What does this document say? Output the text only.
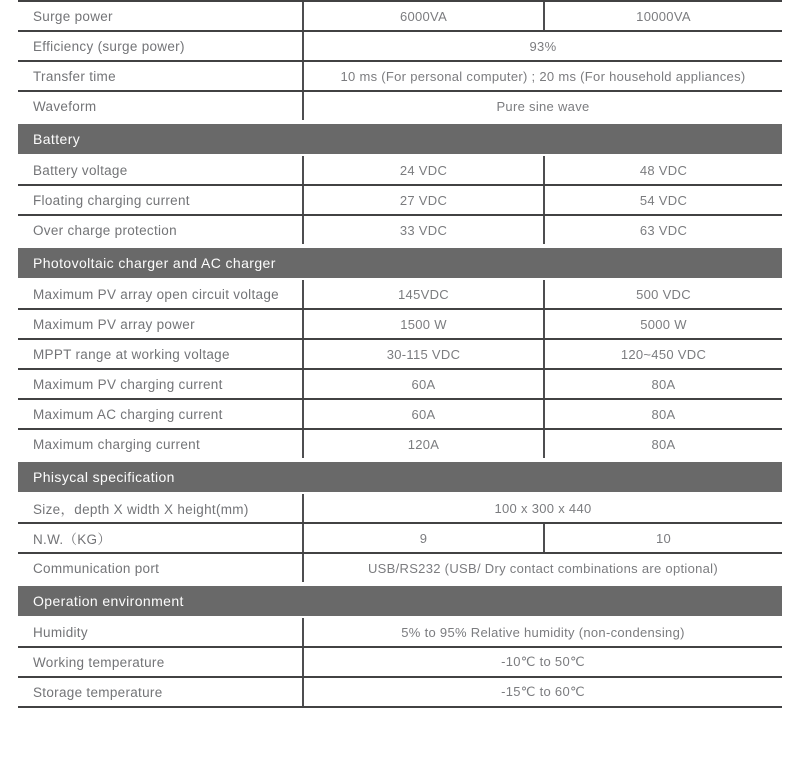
Surge power	6000VA	10000VA
Efficiency (surge power)	93%
Transfer time	10 ms (For personal computer) ; 20 ms (For household appliances)
Waveform	Pure sine wave
Battery
Battery voltage	24 VDC	48 VDC
Floating charging current	27 VDC	54 VDC
Over charge protection	33 VDC	63 VDC
Photovoltaic charger and AC charger
Maximum PV array open circuit voltage	145VDC	500 VDC
Maximum PV array power	1500 W	5000 W
MPPT range at working voltage	30-115 VDC	120~450 VDC
Maximum PV charging current	60A	80A
Maximum AC charging current	60A	80A
Maximum charging current	120A	80A
Phisycal specification
Size，depth X width X height(mm)	100 x 300 x 440
N.W.（KG）	9	10
Communication port	USB/RS232 (USB/ Dry contact combinations are optional)
Operation environment
Humidity	5% to 95% Relative humidity (non-condensing)
Working temperature	-10℃ to 50℃
Storage temperature	-15℃ to 60℃
